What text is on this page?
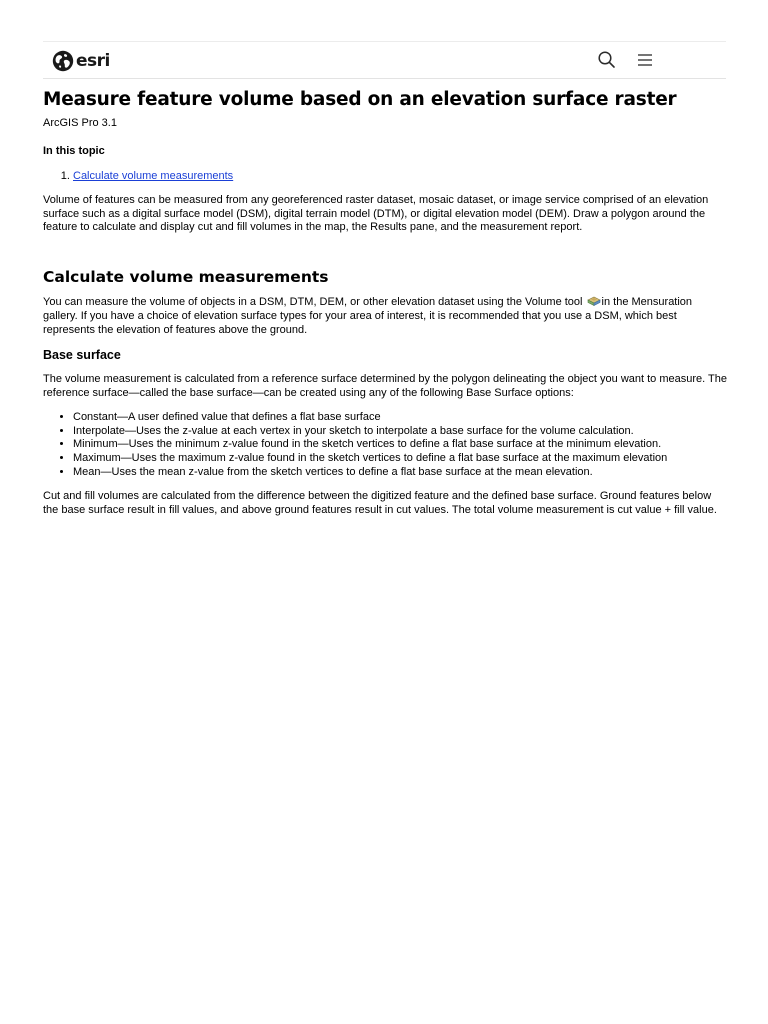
esri
Measure feature volume based on an elevation surface raster
ArcGIS Pro 3.1
In this topic
1. Calculate volume measurements

Volume of features can be measured from any georeferenced raster dataset, mosaic dataset, or image service comprised of an elevation surface such as a digital surface model (DSM), digital terrain model (DTM), or digital elevation model (DEM). Draw a polygon around the feature to calculate and display cut and fill volumes in the map, the Results pane, and the measurement report.

Calculate volume measurements

You can measure the volume of objects in a DSM, DTM, DEM, or other elevation dataset using the Volume tool in the Mensuration gallery. If you have a choice of elevation surface types for your area of interest, it is recommended that you use a DSM, which best represents the elevation of features above the ground.

Base surface

The volume measurement is calculated from a reference surface determined by the polygon delineating the object you want to measure. The reference surface—called the base surface—can be created using any of the following Base Surface options:

• Constant—A user defined value that defines a flat base surface
• Interpolate—Uses the z-value at each vertex in your sketch to interpolate a base surface for the volume calculation.
• Minimum—Uses the minimum z-value found in the sketch vertices to define a flat base surface at the minimum elevation.
• Maximum—Uses the maximum z-value found in the sketch vertices to define a flat base surface at the maximum elevation
• Mean—Uses the mean z-value from the sketch vertices to define a flat base surface at the mean elevation.

Cut and fill volumes are calculated from the difference between the digitized feature and the defined base surface. Ground features below the base surface result in fill values, and above ground features result in cut values. The total volume measurement is cut value + fill value.
